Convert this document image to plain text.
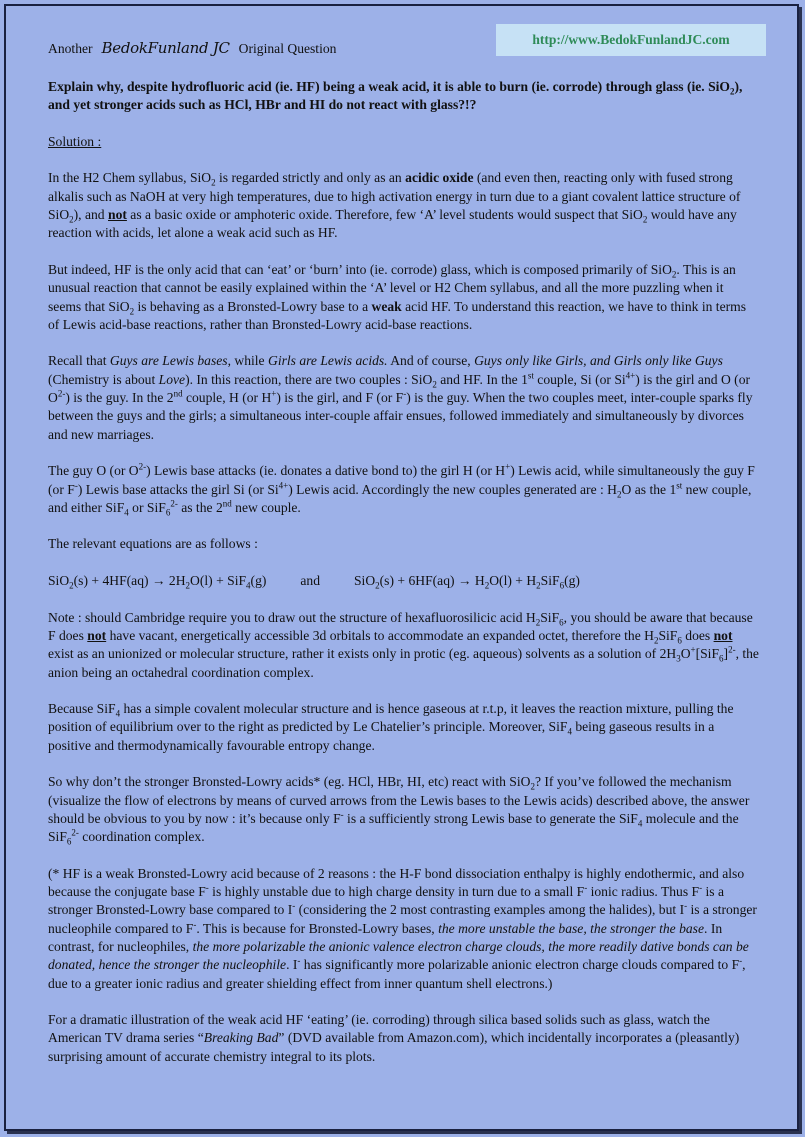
Another BedokFunland JC Original Question
http://www.BedokFunlandJC.com

Explain why, despite hydrofluoric acid (ie. HF) being a weak acid, it is able to burn (ie. corrode) through glass (ie. SiO$_2$), and yet stronger acids such as HCl, HBr and HI do not react with glass?!?

Solution :

In the H2 Chem syllabus, SiO$_2$ is regarded strictly and only as an acidic oxide (and even then, reacting only with fused strong alkalis such as NaOH at very high temperatures, due to high activation energy in turn due to a giant covalent lattice structure of SiO$_2$), and not as a basic oxide or amphoteric oxide. Therefore, few ‘A’ level students would suspect that SiO$_2$ would have any reaction with acids, let alone a weak acid such as HF.

But indeed, HF is the only acid that can ‘eat’ or ‘burn’ into (ie. corrode) glass, which is composed primarily of SiO$_2$. This is an unusual reaction that cannot be easily explained within the ‘A’ level or H2 Chem syllabus, and all the more puzzling when it seems that SiO$_2$ is behaving as a Bronsted-Lowry base to a weak acid HF. To understand this reaction, we have to think in terms of Lewis acid-base reactions, rather than Bronsted-Lowry acid-base reactions.

Recall that Guys are Lewis bases, while Girls are Lewis acids. And of course, Guys only like Girls, and Girls only like Guys (Chemistry is about Love). In this reaction, there are two couples : SiO$_2$ and HF. In the 1st couple, Si (or $Si^{4+}$) is the girl and O (or $O^{2-}$) is the guy. In the 2nd couple, H (or H+) is the girl, and F (or F-) is the guy. When the two couples meet, inter-couple sparks fly between the guys and the girls; a simultaneous inter-couple affair ensues, followed immediately and simultaneously by divorces and new marriages.

The guy O (or $O^{2-}$) Lewis base attacks (ie. donates a dative bond to) the girl H (or H+) Lewis acid, while simultaneously the guy F (or F-) Lewis base attacks the girl Si (or $Si^{4+}$) Lewis acid. Accordingly the new couples generated are : $H_2O$ as the 1st new couple, and either SiF$_4$ or SiF$_6^{2-}$ as the 2nd new couple.

The relevant equations are as follows :

$SiO_2(s) + 4HF(aq) \to 2H_2O(l) + SiF_4(g)$          and          $SiO_2(s) + 6HF(aq) \to H_2O(l) + H_2SiF_6(g)$

Note : should Cambridge require you to draw out the structure of hexafluorosilicic acid $H_2SiF_6$, you should be aware that because F does not have vacant, energetically accessible 3d orbitals to accommodate an expanded octet, therefore the $H_2SiF_6$ does not exist as an unionized or molecular structure, rather it exists only in protic (eg. aqueous) solvents as a solution of $2H_3O^+[SiF_6]^{2-}$, the anion being an octahedral coordination complex.

Because SiF$_4$ has a simple covalent molecular structure and is hence gaseous at r.t.p, it leaves the reaction mixture, pulling the position of equilibrium over to the right as predicted by Le Chatelier’s principle. Moreover, SiF$_4$ being gaseous results in a positive and thermodynamically favourable entropy change.

So why don’t the stronger Bronsted-Lowry acids* (eg. HCl, HBr, HI, etc) react with SiO$_2$? If you’ve followed the mechanism (visualize the flow of electrons by means of curved arrows from the Lewis bases to the Lewis acids) described above, the answer should be obvious to you by now : it’s because only F- is a sufficiently strong Lewis base to generate the SiF$_4$ molecule and the SiF$_6^{2-}$ coordination complex.

(* HF is a weak Bronsted-Lowry acid because of 2 reasons : the H-F bond dissociation enthalpy is highly endothermic, and also because the conjugate base F- is highly unstable due to high charge density in turn due to a small F- ionic radius. Thus F- is a stronger Bronsted-Lowry base compared to I- (considering the 2 most contrasting examples among the halides), but I- is a stronger nucleophile compared to F-. This is because for Bronsted-Lowry bases, the more unstable the base, the stronger the base. In contrast, for nucleophiles, the more polarizable the anionic valence electron charge clouds, the more readily dative bonds can be donated, hence the stronger the nucleophile. I- has significantly more polarizable anionic electron charge clouds compared to F-, due to a greater ionic radius and greater shielding effect from inner quantum shell electrons.)

For a dramatic illustration of the weak acid HF ‘eating’ (ie. corroding) through silica based solids such as glass, watch the American TV drama series “Breaking Bad” (DVD available from Amazon.com), which incidentally incorporates a (pleasantly) surprising amount of accurate chemistry integral to its plots.
